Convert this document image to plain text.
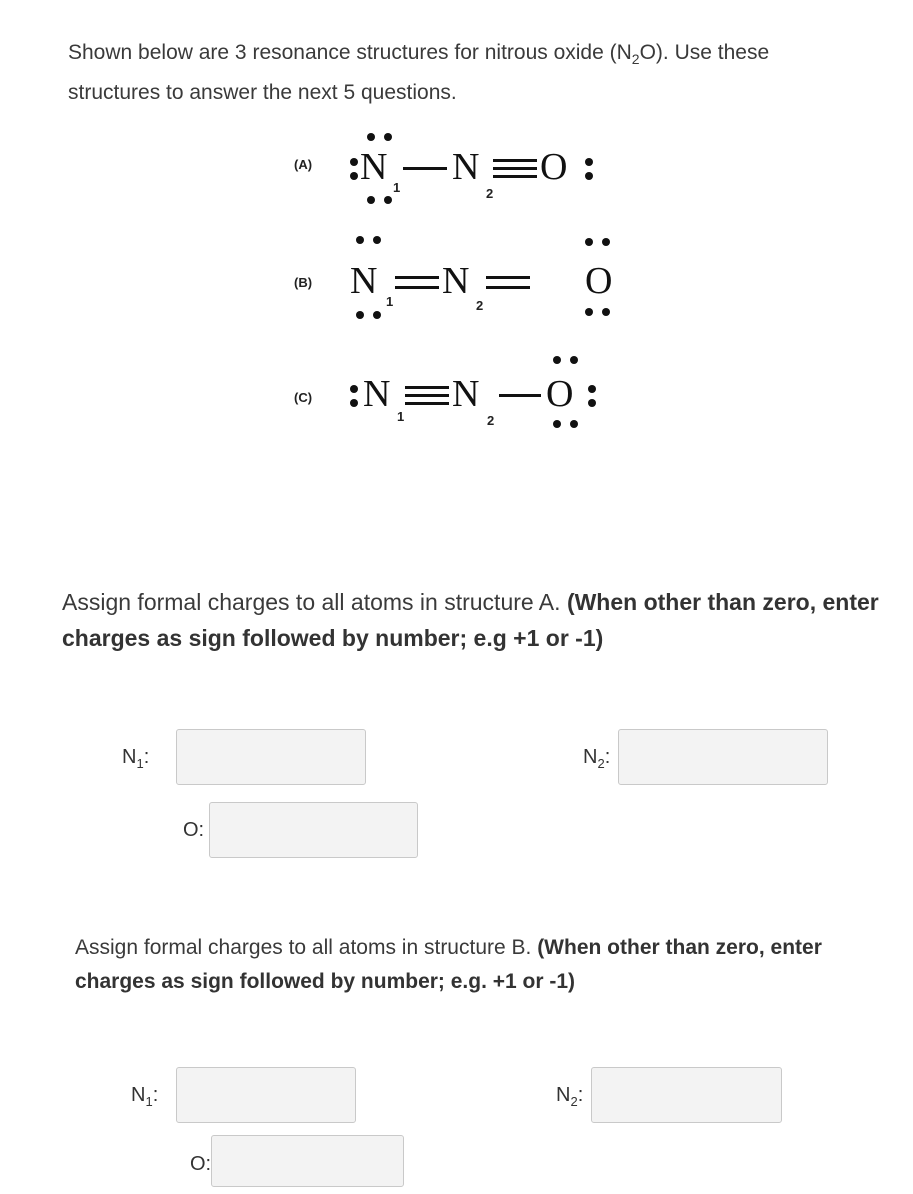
Shown below are 3 resonance structures for nitrous oxide $(N_2O)$. Use these
structures to answer the next 5 questions.
(A) N 1 N
2
O
(B) N 1 N
2
O
(C) N
1
N
2
O
Assign formal charges to all atoms in structure A. (When other than zero, enter charges as sign followed by number; e.g +1 or -1)
$N_1$:	$N_2$:
O:
Assign formal charges to all atoms in structure B. (When other than zero, enter charges as sign followed by number; e.g. +1 or -1)
$N_1$:	$N_2$:
O:
